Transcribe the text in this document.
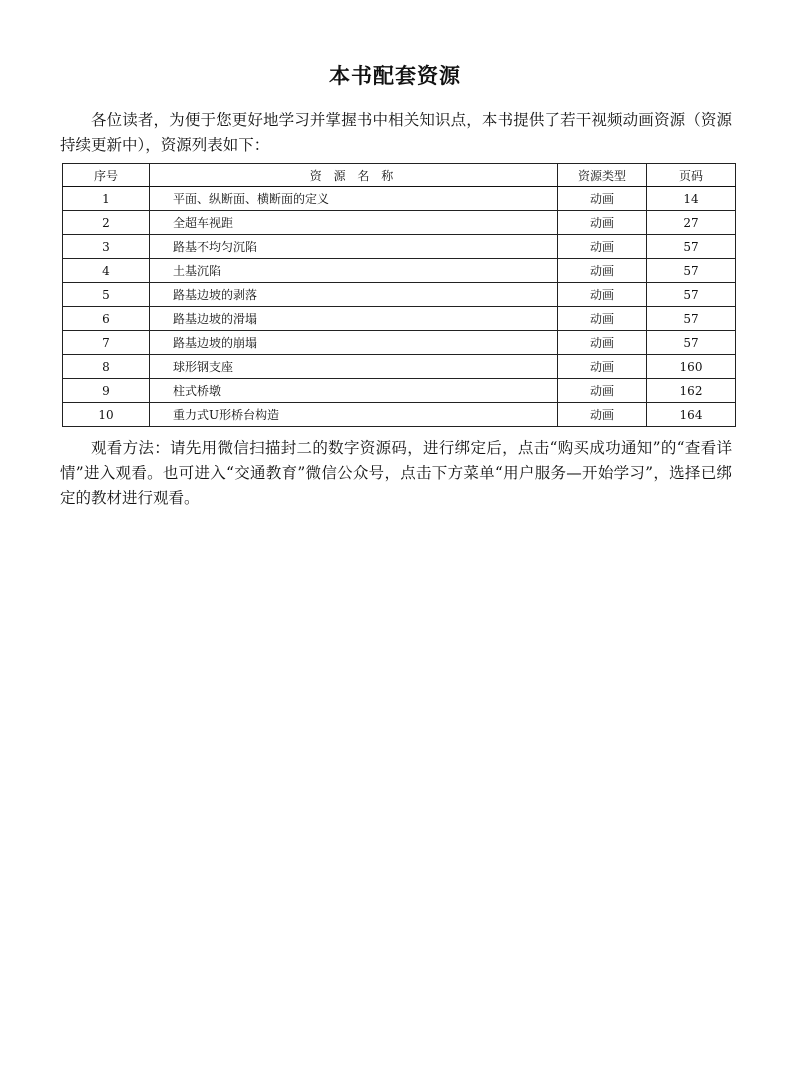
本书配套资源
各位读者，为便于您更好地学习并掌握书中相关知识点，本书提供了若干视频动画资源（资源持续更新中），资源列表如下：
序号	资 源 名 称	资源类型	页码
1	平面、纵断面、横断面的定义	动画	14
2	全超车视距	动画	27
3	路基不均匀沉陷	动画	57
4	土基沉陷	动画	57
5	路基边坡的剥落	动画	57
6	路基边坡的滑塌	动画	57
7	路基边坡的崩塌	动画	57
8	球形钢支座	动画	160
9	柱式桥墩	动画	162
10	重力式U形桥台构造	动画	164
观看方法：请先用微信扫描封二的数字资源码，进行绑定后，点击“购买成功通知”的“查看详情”进入观看。也可进入“交通教育”微信公众号，点击下方菜单“用户服务—开始学习”，选择已绑定的教材进行观看。
